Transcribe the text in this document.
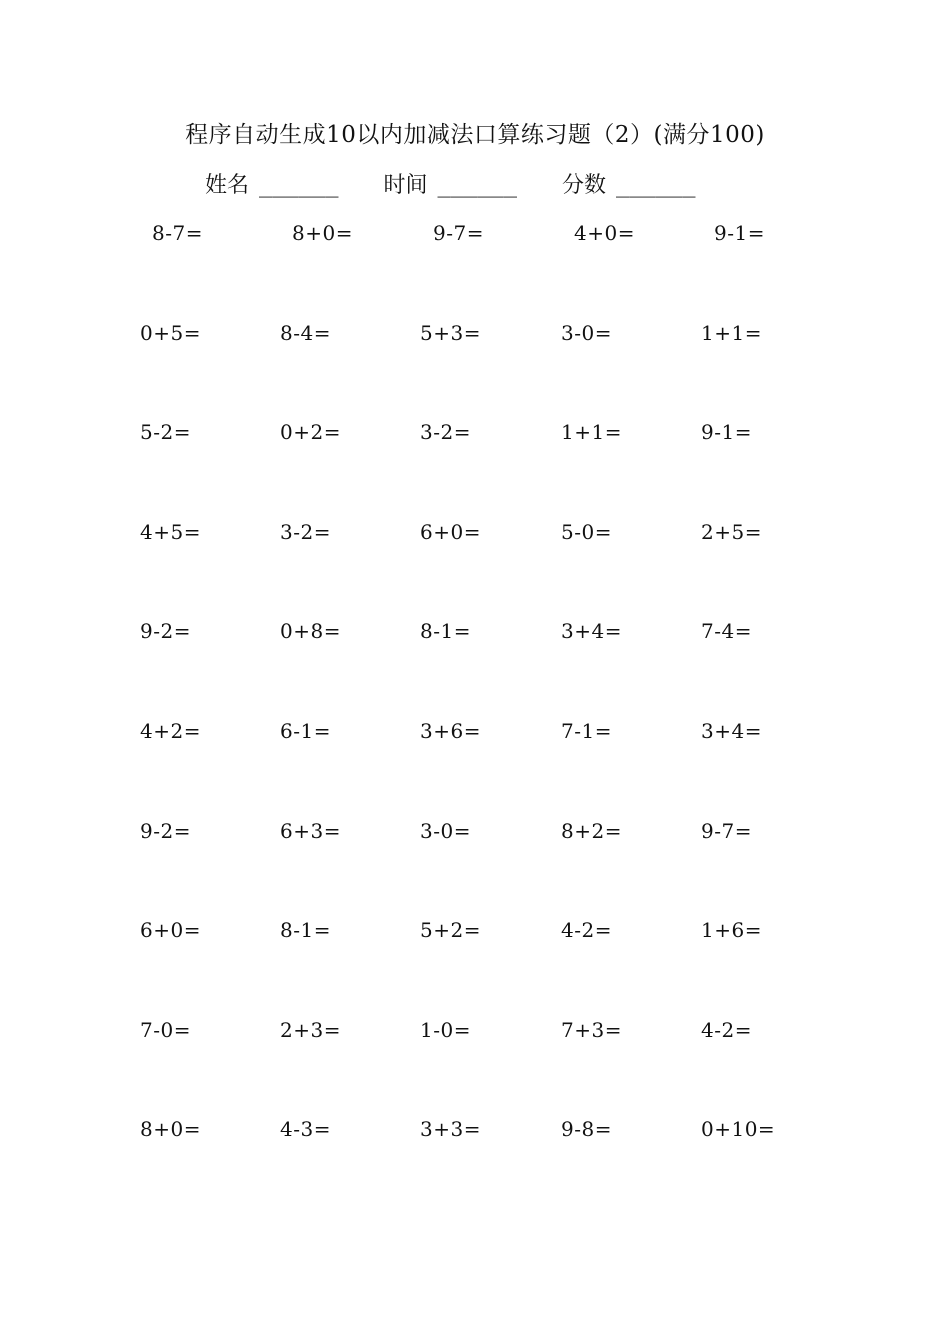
程序自动生成10以内加减法口算练习题（2）(满分100)
姓名 ______ 时间 ______ 分数 ______
8-7=	8+0=	9-7=	4+0=	9-1=
0+5=	8-4=	5+3=	3-0=	1+1=
5-2=	0+2=	3-2=	1+1=	9-1=
4+5=	3-2=	6+0=	5-0=	2+5=
9-2=	0+8=	8-1=	3+4=	7-4=
4+2=	6-1=	3+6=	7-1=	3+4=
9-2=	6+3=	3-0=	8+2=	9-7=
6+0=	8-1=	5+2=	4-2=	1+6=
7-0=	2+3=	1-0=	7+3=	4-2=
8+0=	4-3=	3+3=	9-8=	0+10=
